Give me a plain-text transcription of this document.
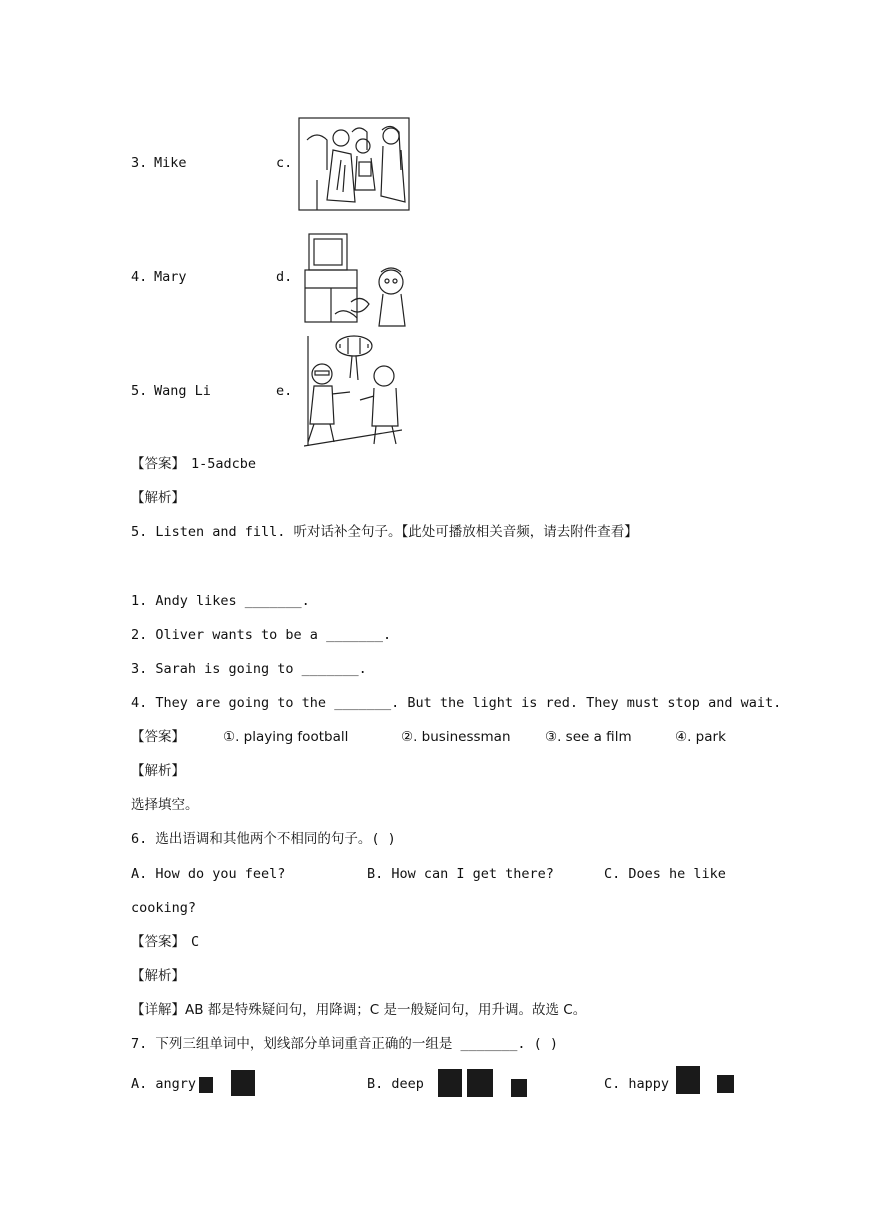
3. Mike	c.
4. Mary	d.
5. Wang Li	e.
【答案】 1-5adcbe
【解析】
5. Listen and fill. 听对话补全句子。【此处可播放相关音频，请去附件查看】
1. Andy likes _______.
2. Oliver wants to be a _______.
3. Sarah is going to _______.
4. They are going to the _______. But the light is red. They must stop and wait.
【答案】	①. playing football	②. businessman	③. see a film	④. park
【解析】
选择填空。
6. 选出语调和其他两个不相同的句子。( )
A. How do you feel?	B. How can I get there?	C. Does he like
cooking?
【答案】 C
【解析】
【详解】AB 都是特殊疑问句，用降调；C 是一般疑问句，用升调。故选 C。
7. 下列三组单词中，划线部分单词重音正确的一组是 _______. ( )
A. angry	B. deep	C. happy
